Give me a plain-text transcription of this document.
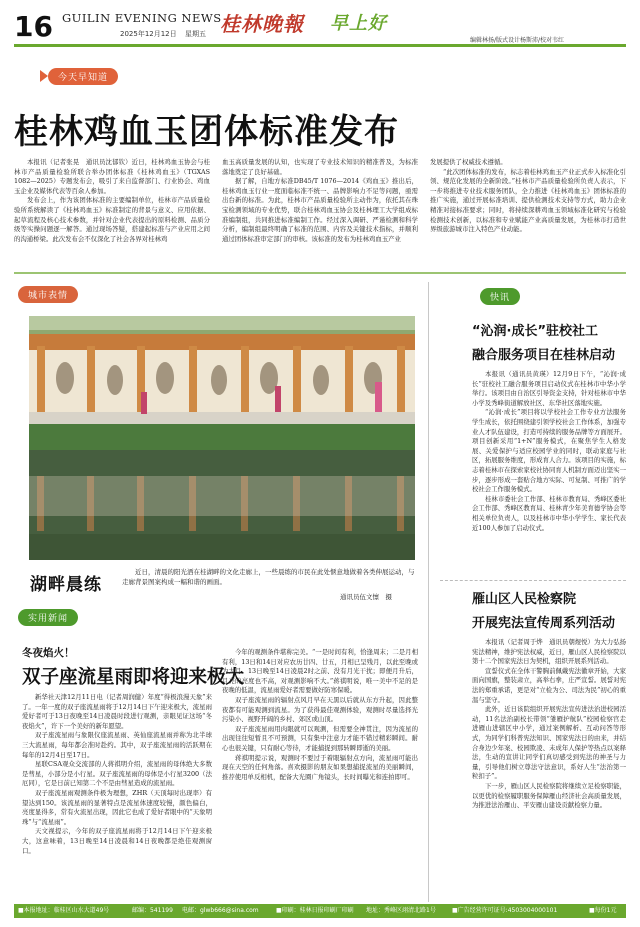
16 GUILIN EVENING NEWS
2025年12月12日 星期五 桂林晚報 早上好
编辑林扬/版式设计杨斯沛/校对韦红
今天早知道
桂林鸡血玉团体标准发布

本报讯（记者张晃　通讯员沈郁钦）近日，桂林鸡血玉协会与桂林市产品质量检验所联合举办团体标准《桂林鸡血玉》（TGXAS 1082—2025）专题发布会，吸引了来自监督部门、行业协会、鸡血玉企业及媒体代表等百余人参加。

发布会上，作为该团体标准的主要编制单位，桂林市产品质量检验所系统解读了《桂林鸡血玉》标准制定的背景与意义、应用依据、起草流程及核心技术参数，并针对企业代表提出的原料检测、品质分级等实操问题逐一解答。通过现场答疑，搭建起标准与产业应用之间的沟通桥梁。此次发布会不仅深化了社会各界对桂林鸡

血玉高质量发展的认知，也实现了专业技术知识的精准普及，为标准落地奠定了良好基础。

据了解，自地方标准DB45/T 1076—2014《鸡血玉》推出后，桂林鸡血玉行业一度面临标准不统一、品牌影响力不足等问题，亟需出台新的标准。为此，桂林市产品质量检验所主动作为，依托其在珠宝检测领域的专业优势，联合桂林鸡血玉协会及桂林理工大学组成标准编制组，共同推进标准编制工作。经过深入调研、严谨检测和科学分析，编制组最终明确了标准的范围、内容及关键技术指标，并顺利通过团体标准审定部门的审核。该标准的发布为桂林鸡血玉产业

发展提供了权威技术遵循。

“此次团体标准的发布，标志着桂林鸡血玉产业正式步入标准化引领、规范化发展的全新阶段。”桂林市产品质量检验所负责人表示，下一步将推进专业技术服务团队，全力推进《桂林鸡血玉》团体标准的推广实施，通过开展标准培训、提供检测技术支持等方式，助力企业精准对接标准要求；同时，将持续深耕鸡血玉领域标准化研究与检验检测技术创新，以标准和专业赋能产业高质量发展，为桂林市打造世界级旅游城市注入特色产业动能。

城市表情
湖畔晨练
近日，清晨的阳光洒在桂湖畔的文化走廊上，一些晨练的市民在此处惬意地做着各类伸展运动，与走廊背景图案构成一幅和谐的画面。
通讯员伍文懔　摄
实用新闻
冬夜焰火！
双子座流星雨即将迎来极大

新华社天津12月11日电（记者周润健）年度“得极浪漫天象”来了。一年一度的双子座流星雨将于12月14日下午迎来极大，流星雨爱好者可于13日夜晚至14日凌晨时段进行观测，亲眼见证这场“冬夜焰火”，许下一个美好的新年愿望。

双子座流星雨与象限仪座流星雨、英仙座流星雨并称为北半球三大流星雨，每年都会准时赴约。其中，双子座流星雨的活跃期在每年的12月4日至17日。

星联CSA观众交流部的人蒋祺明介绍，流星雨的母体绝大多数是彗星，小部分是小行星。双子座流星雨的母体是小行星3200（法厄同），它是日前已知第二个不是由彗星造成的流星雨。

双子座流星雨观测条件极为理想，ZHR（天顶每时出现率）有望达到150。该流星雨的显著特点是流星体速度较慢，颜色偏白，亮度显得多，常有火流星出现，因此它也成了爱好者眼中的“天象明珠”与“流星雨”。

天文视提示，今年的双子座流星雨将于12月14日下午迎来极大，这意味着，13日晚至14日凌晨和14日夜晚都是绝佳观测窗口。

今年的观测条件堪称完美。“一是时间有利，恰逢周末；二是月相有利，13日和14日对应农历廿四、廿五，月相已呈残月，以此至晚或为大月。13日晚至14日凌晨2时之前、没有月光干扰；即便月升后，月亮的亮度也不高，对观测影响不大。”蒋祺明说，唯一美中不足的是夜晚的低温，流星雨爱好者需要做好防寒保暖。

双子座流星雨的辐射点风月早在天黑以后就从东方升起，因此整夜都有可能观测到流星。为了获得最佳观测体验，观测时尽量选择光污染小、视野开阔的乡村、郊区或山顶。

双子座流星雨用肉眼就可以观测，但需要全神贯注，因为流星的出现往往短暂且不可预测，只有集中注意力才能不错过精彩瞬间。耐心也很关键，只有耐心等待，才能捕捉到那转瞬即逝的美丽。

蒋祺明提示说，观测时不要过于着眼辐射点方向，流星雨可能出现在天空的任何角落。喜欢摄影的朋友如果想捕捉流星的美丽瞬间，推荐使用单反相机，配备大光圈广角镜头，长时间曝光和连拍即可。

快讯
“沁润·成长”驻校社工
融合服务项目在桂林启动

本报讯（通讯员黄瑛）12月9日下午，“沁润·成长”驻校社工融合服务项目启动仪式在桂林市中华小学举行。该项目由自治区引导资金支持，针对桂林市中华小学及秀峰街道解放社区、东华社区落地实施。

“沁润·成长”项目将以学校社会工作专业方法服务学生成长，依托围绕建引领学校社会工作体系，加强专业人才队伍建设，打造可持续的服务品牌等方面展开。项目创新采用“1+N”服务模式，在聚焦学生人格发展、关爱保护与适应校园学业的同时，联动家庭与社区，拓展服务维度，形成育人合力。该项目的实施，标志着桂林市在探索家校社协同育人机制方面迈出坚实一步，逐步形成一套贴合地方实际、可复制、可推广的学校社会工作服务模式。

桂林市委社会工作部、桂林市教育局、秀峰区委社会工作部、秀峰区教育局、桂林青少年美育德学协会等相关单位负责人，以及桂林市中华小学学生、家长代表近100人参加了启动仪式。

雁山区人民检察院
开展宪法宣传周系列活动

本报讯（记者周于烨　通讯员朝煜悦）为大力弘扬宪法精神，维护宪法权威，近日，雁山区人民检察院以第十二个国家宪法日为契机，组织开展系列活动。

宣誓仪式在全体干警胸前佩戴宪法徽章开始，大家面向国旗，整装肃立，高举右拳，庄严宣誓。展誓对宪法的郑重承诺，更是对“立检为公、司法为民”初心的重温与坚守。

此外，近日该院组织开展宪法宣传进法治进校园活动，11名法治副校长带领“雏雁护航队”校园检察官走进雁山进辖区中小学，通过案例解析、互动问答等形式，为同学们科普宪法知识、国家宪法日的由来，并结合身边少年案、校园欺凌、未成年人保护等热点以案释法，生动的宣讲让同学们真切感受到宪法的神圣与力量，引导他们树立尊法守法意识，系好人生“法治第一粒扣子”。

下一步，雁山区人民检察院将继续立足检察职能，以更优的检察履职服务保障雁山经济社会高质量发展，为推进法治雁山、平安雁山建设贡献检察力量。

■本报地址：临桂区山水大道49号	邮编：541199 电邮：glwb666@sina.com	■印刷：桂林日报印刷厂印刷 地址：秀峰区翊清北路1号	■广告经营许可证号:4503004000101	■每份1元
